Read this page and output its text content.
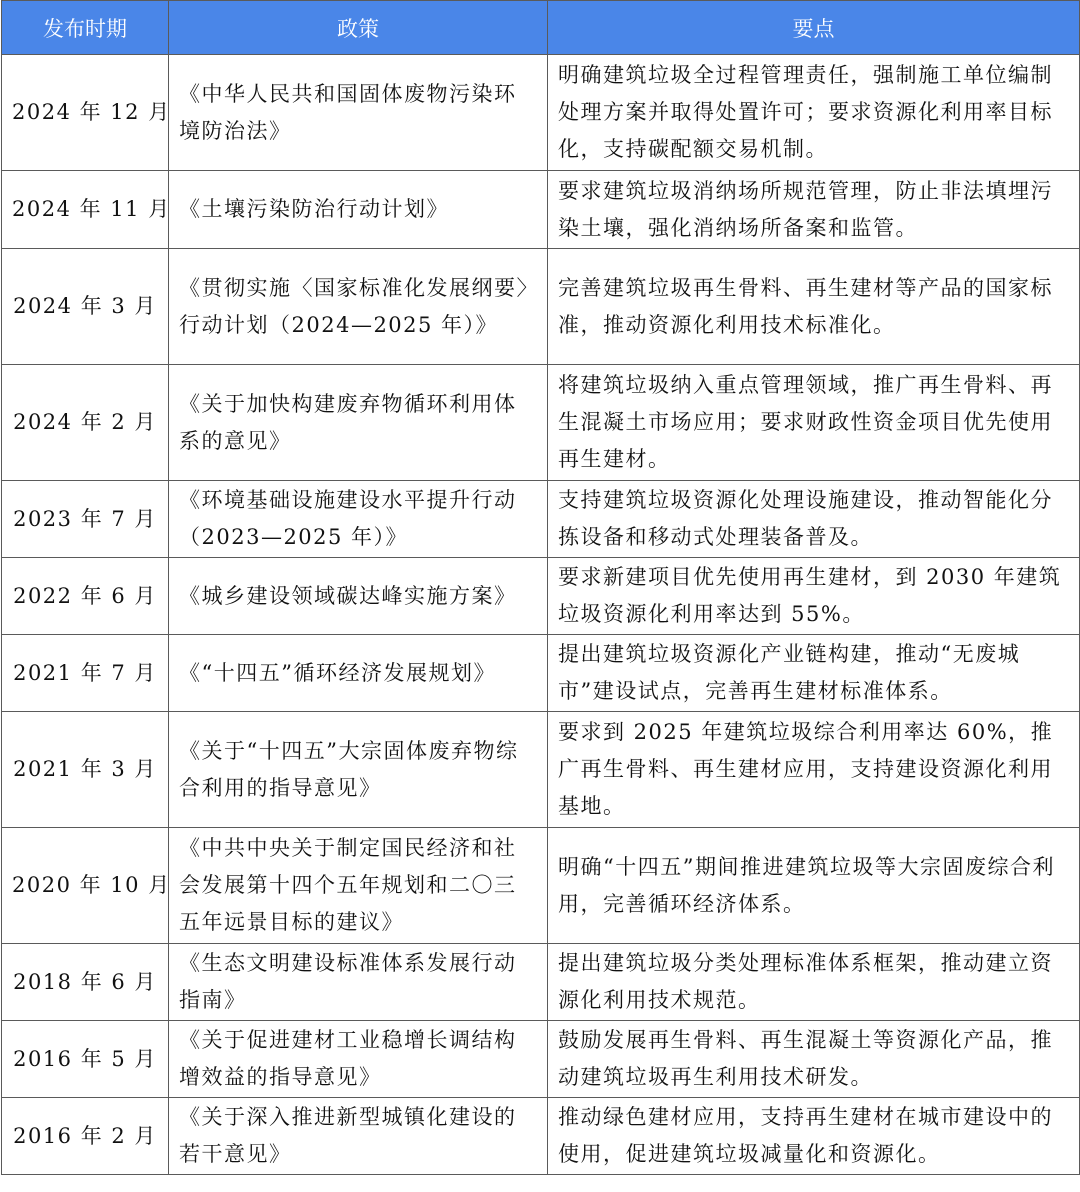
发布时期	政策	要点
2024 年 12 月	《中华人民共和国固体废物污染环境防治法》	明确建筑垃圾全过程管理责任，强制施工单位编制处理方案并取得处置许可；要求资源化利用率目标化，支持碳配额交易机制。
2024 年 11 月	《土壤污染防治行动计划》	要求建筑垃圾消纳场所规范管理，防止非法填埋污染土壤，强化消纳场所备案和监管。
2024 年 3 月	《贯彻实施〈国家标准化发展纲要〉行动计划（2024—2025 年）》	完善建筑垃圾再生骨料、再生建材等产品的国家标准，推动资源化利用技术标准化。
2024 年 2 月	《关于加快构建废弃物循环利用体系的意见》	将建筑垃圾纳入重点管理领域，推广再生骨料、再生混凝土市场应用；要求财政性资金项目优先使用再生建材。
2023 年 7 月	《环境基础设施建设水平提升行动（2023—2025 年）》	支持建筑垃圾资源化处理设施建设，推动智能化分拣设备和移动式处理装备普及。
2022 年 6 月	《城乡建设领域碳达峰实施方案》	要求新建项目优先使用再生建材，到 2030 年建筑垃圾资源化利用率达到 55%。
2021 年 7 月	《“十四五”循环经济发展规划》	提出建筑垃圾资源化产业链构建，推动“无废城市”建设试点，完善再生建材标准体系。
2021 年 3 月	《关于“十四五”大宗固体废弃物综合利用的指导意见》	要求到 2025 年建筑垃圾综合利用率达 60%，推广再生骨料、再生建材应用，支持建设资源化利用基地。
2020 年 10 月	《中共中央关于制定国民经济和社会发展第十四个五年规划和二〇三五年远景目标的建议》	明确“十四五”期间推进建筑垃圾等大宗固废综合利用，完善循环经济体系。
2018 年 6 月	《生态文明建设标准体系发展行动指南》	提出建筑垃圾分类处理标准体系框架，推动建立资源化利用技术规范。
2016 年 5 月	《关于促进建材工业稳增长调结构增效益的指导意见》	鼓励发展再生骨料、再生混凝土等资源化产品，推动建筑垃圾再生利用技术研发。
2016 年 2 月	《关于深入推进新型城镇化建设的若干意见》	推动绿色建材应用，支持再生建材在城市建设中的使用，促进建筑垃圾减量化和资源化。
